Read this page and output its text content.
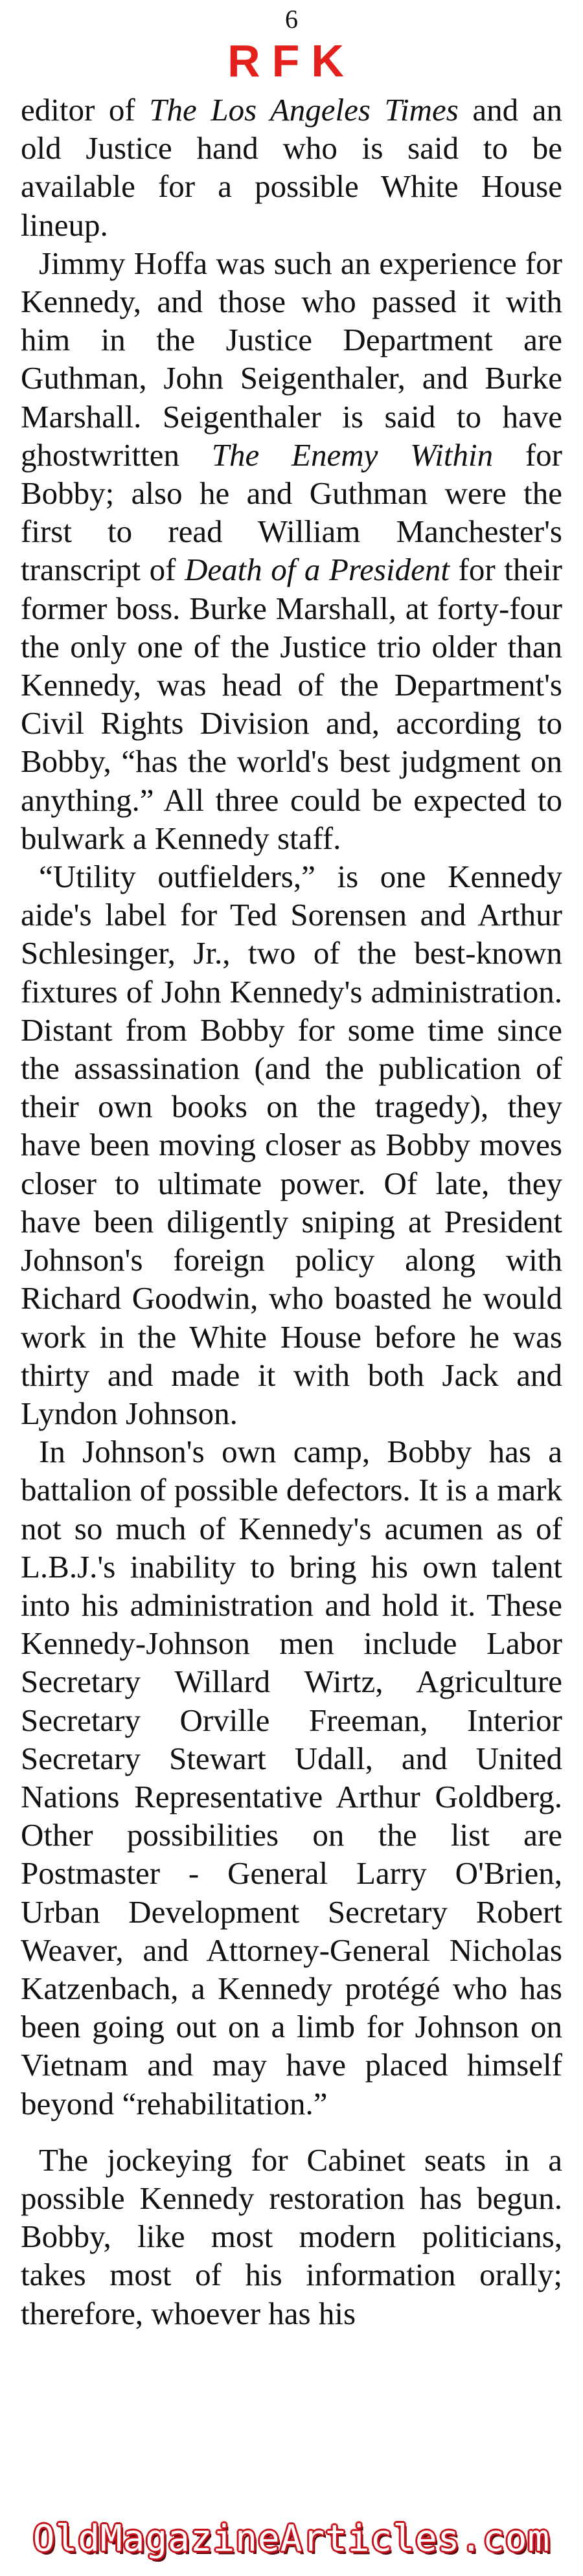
6
RFK

editor of The Los Angeles Times and an old Justice hand who is said to be available for a possible White House lineup.

Jimmy Hoffa was such an experience for Kennedy, and those who passed it with him in the Justice Department are Guthman, John Seigenthaler, and Burke Marshall. Seigenthaler is said to have ghostwritten The Enemy Within for Bobby; also he and Guthman were the first to read William Manchester's transcript of Death of a President for their former boss. Burke Marshall, at forty-four the only one of the Justice trio older than Kennedy, was head of the Department's Civil Rights Division and, according to Bobby, “has the world's best judgment on anything.” All three could be expected to bulwark a Kennedy staff.

“Utility outfielders,” is one Kennedy aide's label for Ted Sorensen and Arthur Schlesinger, Jr., two of the best-known fixtures of John Kennedy's administration. Distant from Bobby for some time since the assassination (and the publication of their own books on the tragedy), they have been moving closer as Bobby moves closer to ultimate power. Of late, they have been diligently sniping at President Johnson's foreign policy along with Richard Goodwin, who boasted he would work in the White House before he was thirty and made it with both Jack and Lyndon Johnson.

In Johnson's own camp, Bobby has a battalion of possible defectors. It is a mark not so much of Kennedy's acumen as of L.B.J.'s inability to bring his own talent into his administration and hold it. These Kennedy-Johnson men include Labor Secretary Willard Wirtz, Agriculture Secretary Orville Freeman, Interior Secretary Stewart Udall, and United Nations Representative Arthur Goldberg. Other possibilities on the list are Postmaster - General Larry O'Brien, Urban Development Secretary Robert Weaver, and Attorney-General Nicholas Katzenbach, a Kennedy protégé who has been going out on a limb for Johnson on Vietnam and may have placed himself beyond “rehabilitation.”

The jockeying for Cabinet seats in a possible Kennedy restoration has begun. Bobby, like most modern politicians, takes most of his information orally; therefore, whoever has his

OldMagazineArticles.com
